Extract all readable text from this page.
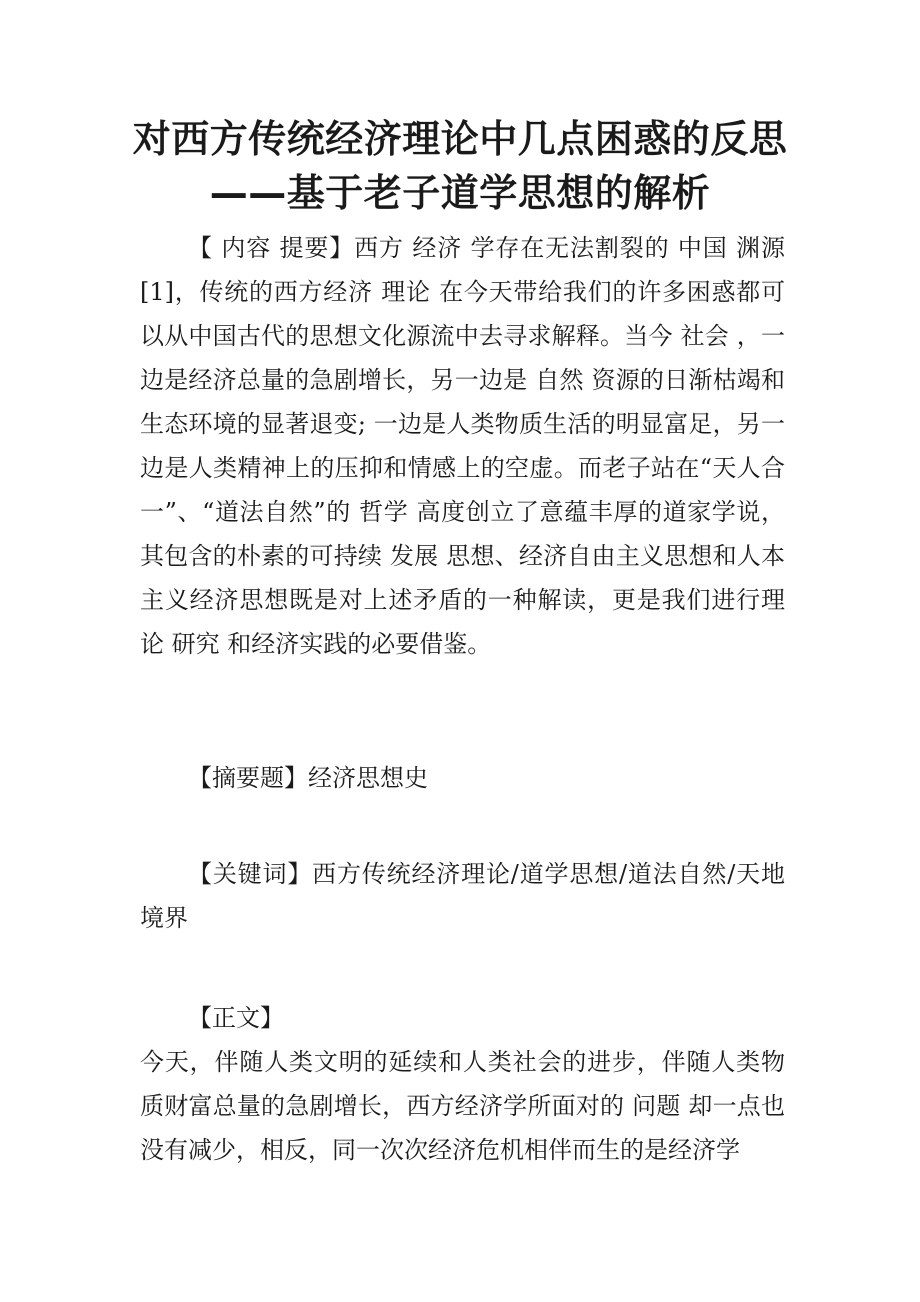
对西方传统经济理论中几点困惑的反思
——基于老子道学思想的解析
【 内容 提要】西方 经济 学存在无法割裂的 中国 渊源[1]，传统的西方经济 理论 在今天带给我们的许多困惑都可以从中国古代的思想文化源流中去寻求解释。当今 社会 ，一边是经济总量的急剧增长，另一边是 自然 资源的日渐枯竭和生态环境的显著退变; 一边是人类物质生活的明显富足，另一边是人类精神上的压抑和情感上的空虚。而老子站在“天人合一”、“道法自然”的 哲学 高度创立了意蕴丰厚的道家学说，其包含的朴素的可持续 发展 思想、经济自由主义思想和人本主义经济思想既是对上述矛盾的一种解读，更是我们进行理论 研究 和经济实践的必要借鉴。
【摘要题】经济思想史
【关键词】西方传统经济理论/道学思想/道法自然/天地境界
【正文】
今天，伴随人类文明的延续和人类社会的进步，伴随人类物质财富总量的急剧增长，西方经济学所面对的 问题 却一点也没有减少，相反，同一次次经济危机相伴而生的是经济学
